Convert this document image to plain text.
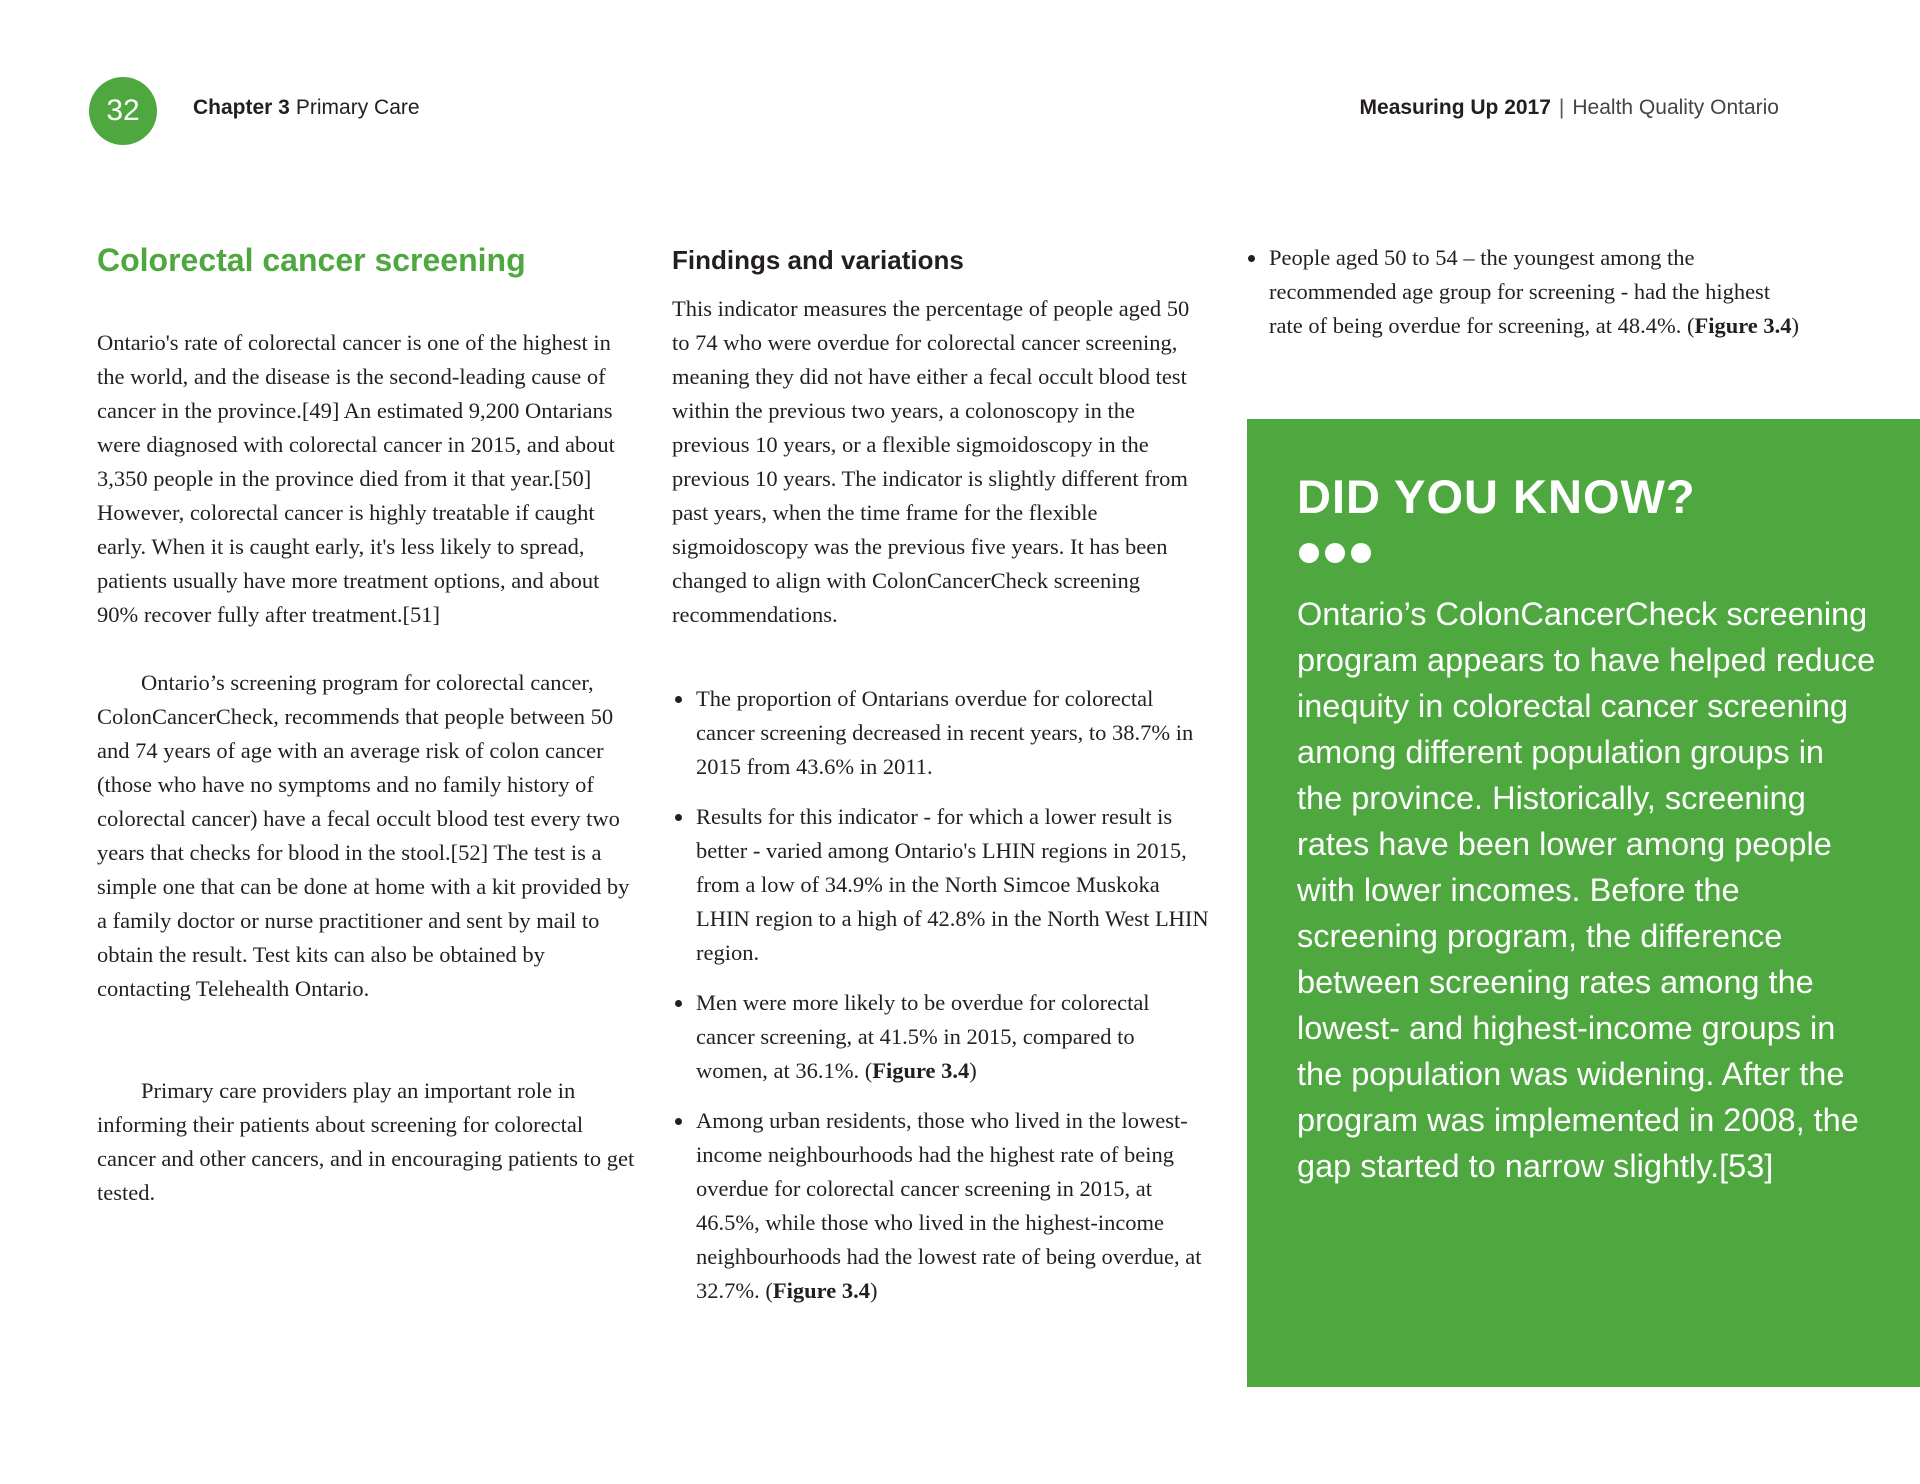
32	Chapter 3 Primary Care	Measuring Up 2017 | Health Quality Ontario
Colorectal cancer screening

Ontario's rate of colorectal cancer is one of the highest in the world, and the disease is the second-leading cause of cancer in the province.[49] An estimated 9,200 Ontarians were diagnosed with colorectal cancer in 2015, and about 3,350 people in the province died from it that year.[50] However, colorectal cancer is highly treatable if caught early. When it is caught early, it's less likely to spread, patients usually have more treatment options, and about 90% recover fully after treatment.[51]

Ontario’s screening program for colorectal cancer, ColonCancerCheck, recommends that people between 50 and 74 years of age with an average risk of colon cancer (those who have no symptoms and no family history of colorectal cancer) have a fecal occult blood test every two years that checks for blood in the stool.[52] The test is a simple one that can be done at home with a kit provided by a family doctor or nurse practitioner and sent by mail to obtain the result. Test kits can also be obtained by contacting Telehealth Ontario.

Primary care providers play an important role in informing their patients about screening for colorectal cancer and other cancers, and in encouraging patients to get tested.

Findings and variations

This indicator measures the percentage of people aged 50 to 74 who were overdue for colorectal cancer screening, meaning they did not have either a fecal occult blood test within the previous two years, a colonoscopy in the previous 10 years, or a flexible sigmoidoscopy in the previous 10 years. The indicator is slightly different from past years, when the time frame for the flexible sigmoidoscopy was the previous five years. It has been changed to align with ColonCancerCheck screening recommendations.

The proportion of Ontarians overdue for colorectal cancer screening decreased in recent years, to 38.7% in 2015 from 43.6% in 2011.
Results for this indicator - for which a lower result is better - varied among Ontario's LHIN regions in 2015, from a low of 34.9% in the North Simcoe Muskoka LHIN region to a high of 42.8% in the North West LHIN region.
Men were more likely to be overdue for colorectal cancer screening, at 41.5% in 2015, compared to women, at 36.1%. (Figure 3.4)
Among urban residents, those who lived in the lowest-income neighbourhoods had the highest rate of being overdue for colorectal cancer screening in 2015, at 46.5%, while those who lived in the highest-income neighbourhoods had the lowest rate of being overdue, at 32.7%. (Figure 3.4)
People aged 50 to 54 – the youngest among the recommended age group for screening - had the highest rate of being overdue for screening, at 48.4%. (Figure 3.4)
DID YOU KNOW?

Ontario’s ColonCancerCheck screening program appears to have helped reduce inequity in colorectal cancer screening among different population groups in the province. Historically, screening rates have been lower among people with lower incomes. Before the screening program, the difference between screening rates among the lowest- and highest-income groups in the population was widening. After the program was implemented in 2008, the gap started to narrow slightly.[53]
